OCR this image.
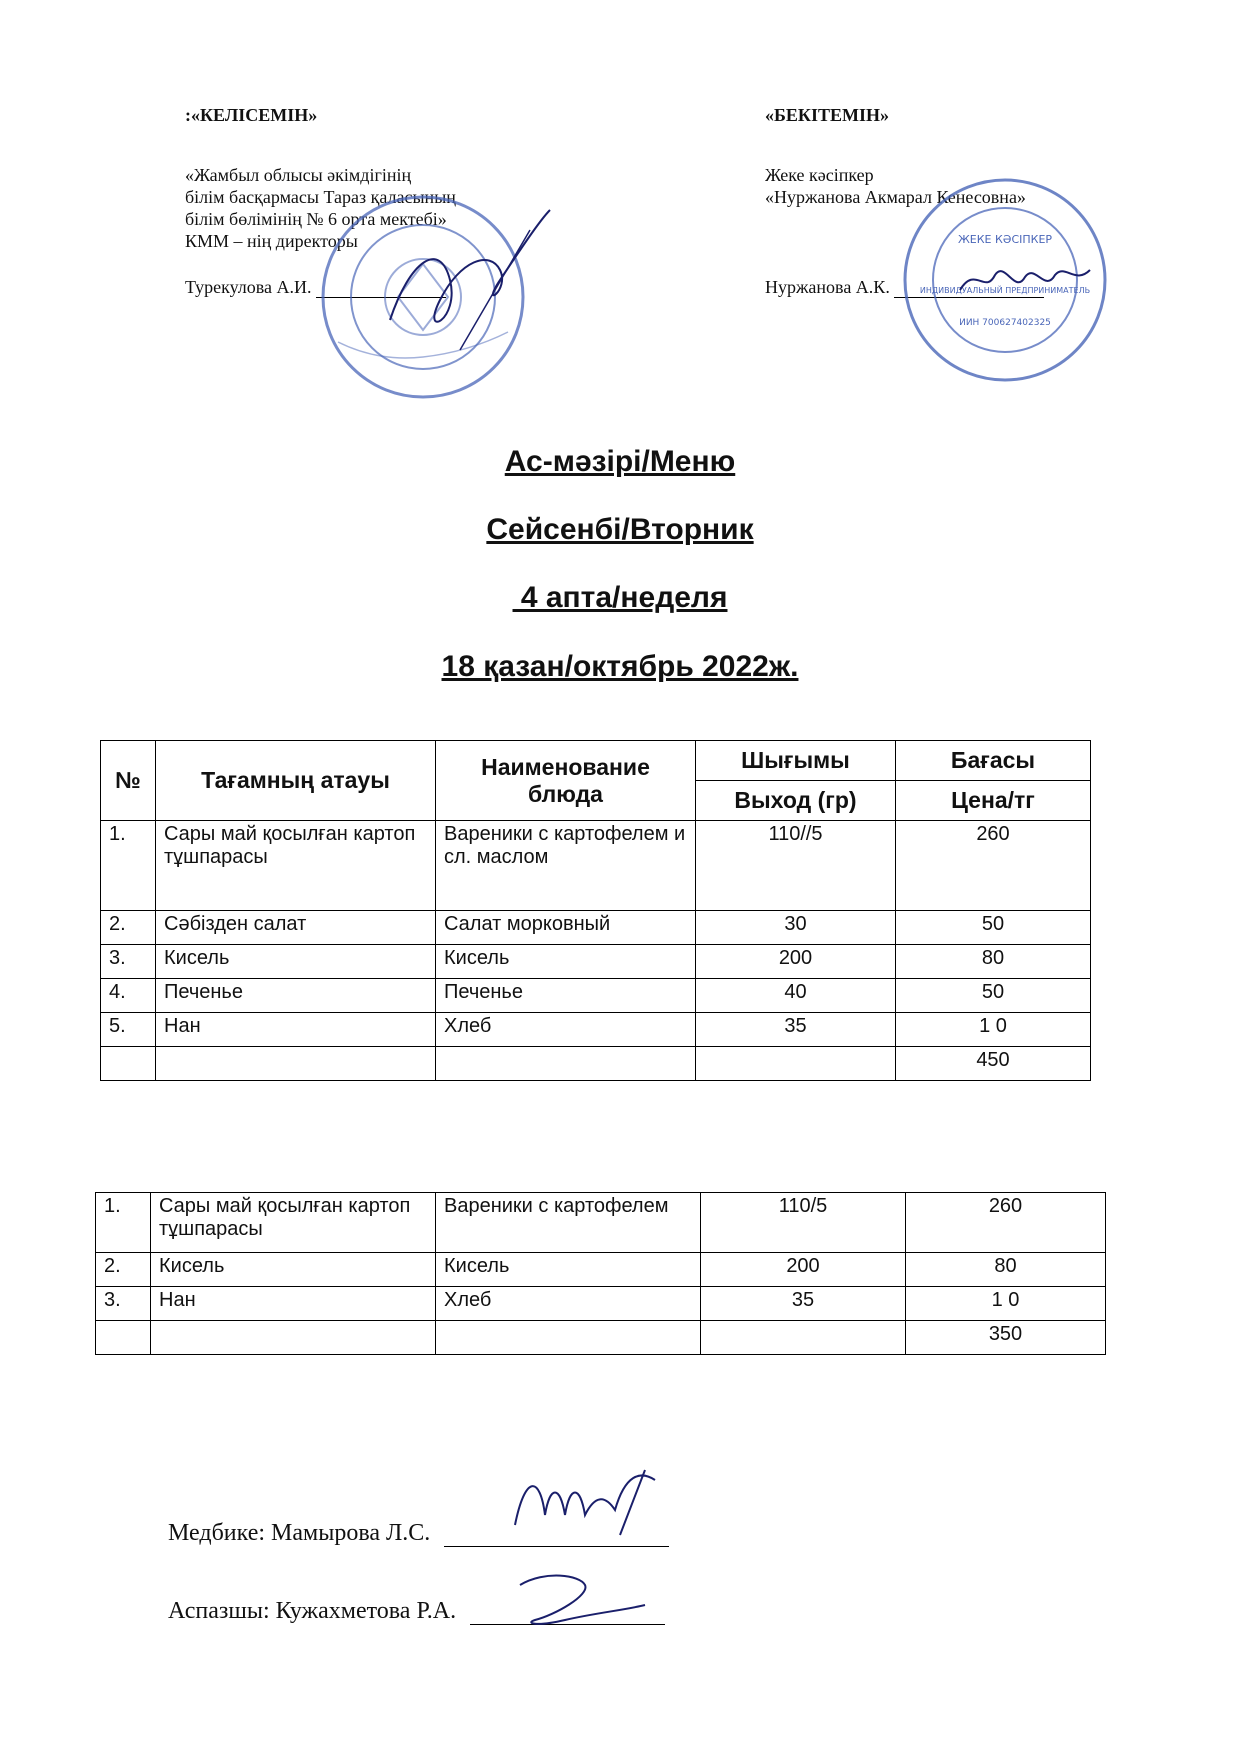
:«КЕЛІСЕМІН»
«Жамбыл облысы әкімдігінің
білім басқармасы Тараз қаласының
білім бөлімінің № 6 орта мектебі»
КММ – нің директоры
Турекулова А.И.
«БЕКІТЕМІН»
Жеке кәсіпкер
«Нуржанова Акмарал Кенесовна»
Нуржанова А.К.
ЖЕКЕ КӘСІПКЕР
ИНДИВИДУАЛЬНЫЙ ПРЕДПРИНИМАТЕЛЬ
ИИН 700627402325
Ас-мәзірі/Меню
Сейсенбі/Вторник
4 апта/неделя
18 қазан/октябрь 2022ж.
№	Тағамның атауы	Наименование блюда	Шығымы	Бағасы
			Выход (гр)	Цена/тг
1.	Сары май қосылған картоп тұшпарасы	Вареники с картофелем и сл. маслом	110//5	260
2.	Сәбізден салат	Салат морковный	30	50
3.	Кисель	Кисель	200	80
4.	Печенье	Печенье	40	50
5.	Нан	Хлеб	35	1 0
				450
1.	Сары май қосылған картоп тұшпарасы	Вареники с картофелем	110/5	260
2.	Кисель	Кисель	200	80
3.	Нан	Хлеб	35	1 0
				350
Медбике: Мамырова Л.С.
Аспазшы: Кужахметова Р.А.
